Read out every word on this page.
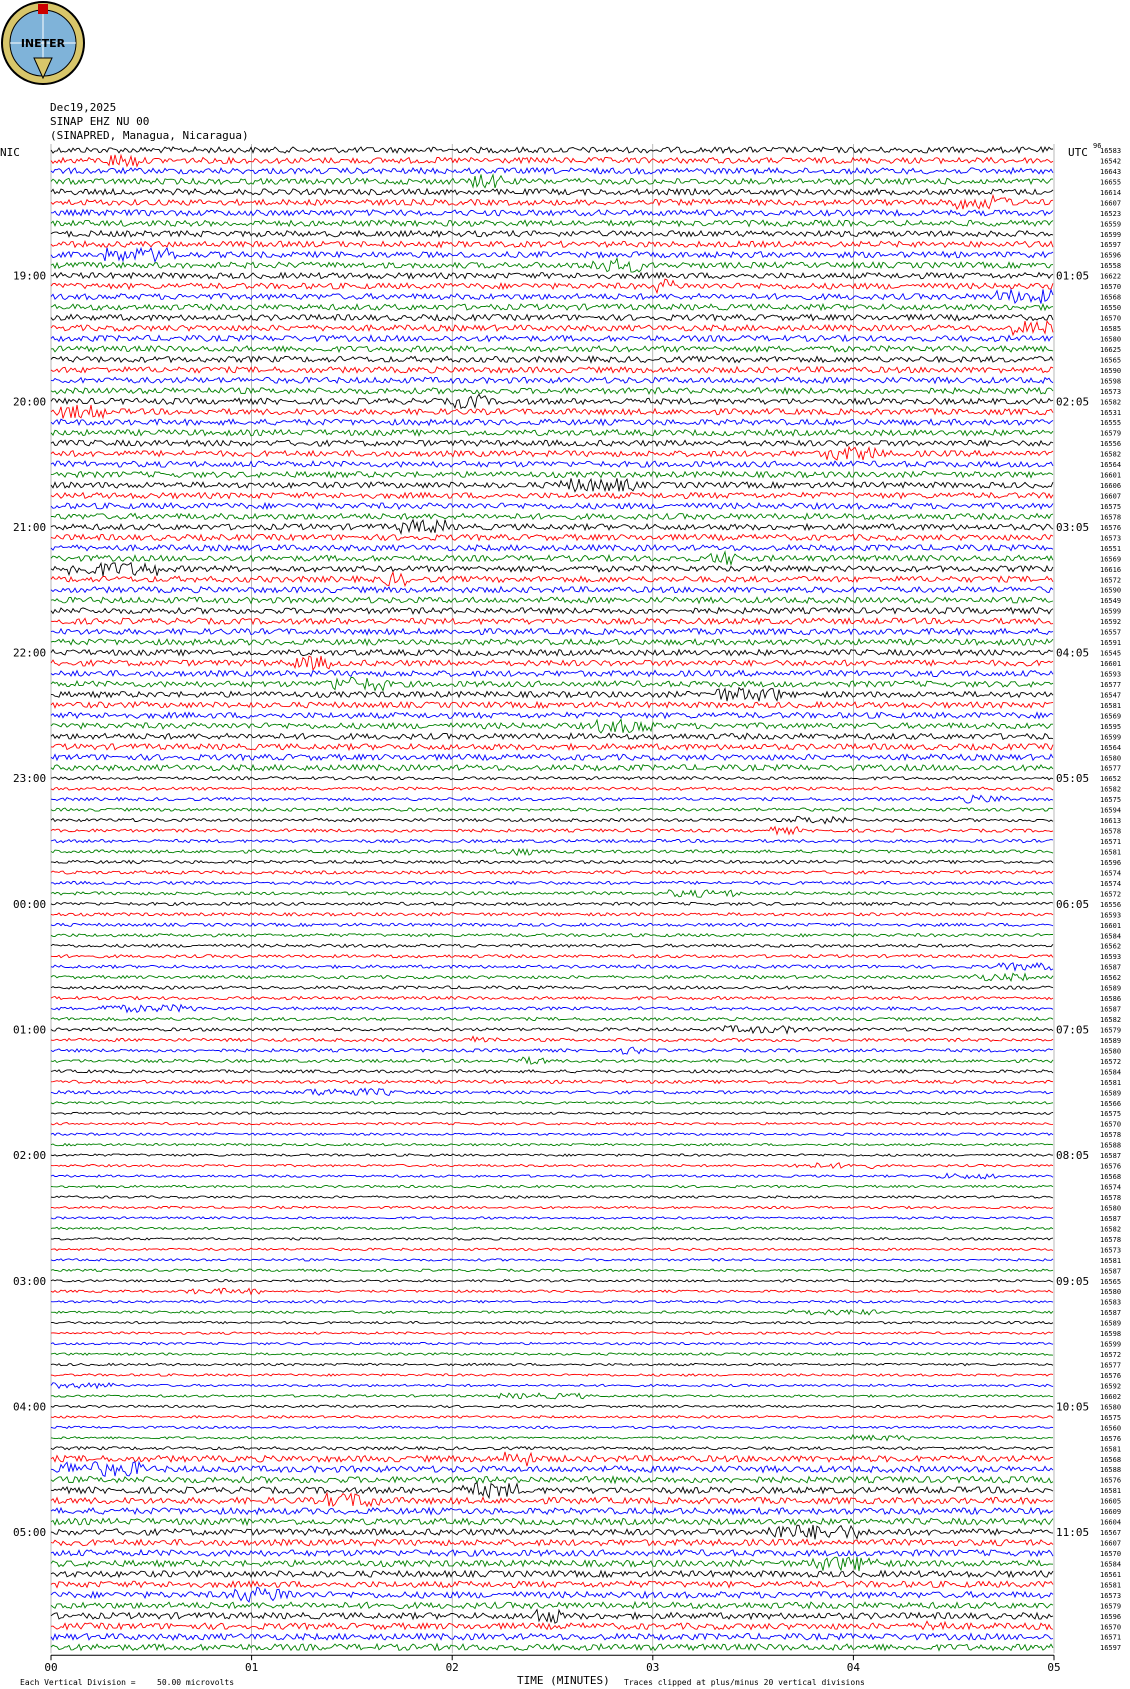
INETER
Dec19,2025
SINAP EHZ NU 00
(SINAPRED, Managua, Nicaragua)
NIC	UTC 16583
16542
16643
16655
16614
16607
16523
16559
16599
16597
16596
16558
16622
16570
16568
16550
16570
16585
16580
16625
16565
16590
16598
16573
16582
16531
16555
16579
16556
16582
16564
16601
16606
16607
16575
16578
16576
16573
16551
16569
16616
16572
16590
16549
16599
16592
16557
16591
16545
16601
16593
16577
16547
16581
16569
16595
16599
16564
16580
16577
16652
16582
16575
16594
16613
16578
16571
16581
16596
16574
16574
16572
16556
16593
16601
16584
16562
16593
16587
16562
16589
16586
16587
16582
16579
16589
16580
16572
16584
16581
16589
16566
16575
16570
16578
16588
16587
16576
16568
16574
16578
16580
16587
16582
16578
16573
16581
16587
16565
16580
16583
16587
16589
16598
16599
16572
16577
16576
16592
16602
16580
16575
16560
16576
16581
16568
16588
16576
16581
16605
16609
16604
16567
16607
16570
16584
16561
16581
16573
16579
16596
16570
16571
16597
96
19:00	01:05
20:00	02:05
21:00	03:05
22:00	04:05
23:00	05:05
00:00	06:05
01:00	07:05
02:00	08:05
03:00	09:05
04:00	10:05
05:00	11:05
00	01	02	03	04	05
TIME (MINUTES)
Each Vertical Division =	50.00 microvolts	Traces clipped at plus/minus 20 vertical divisions
